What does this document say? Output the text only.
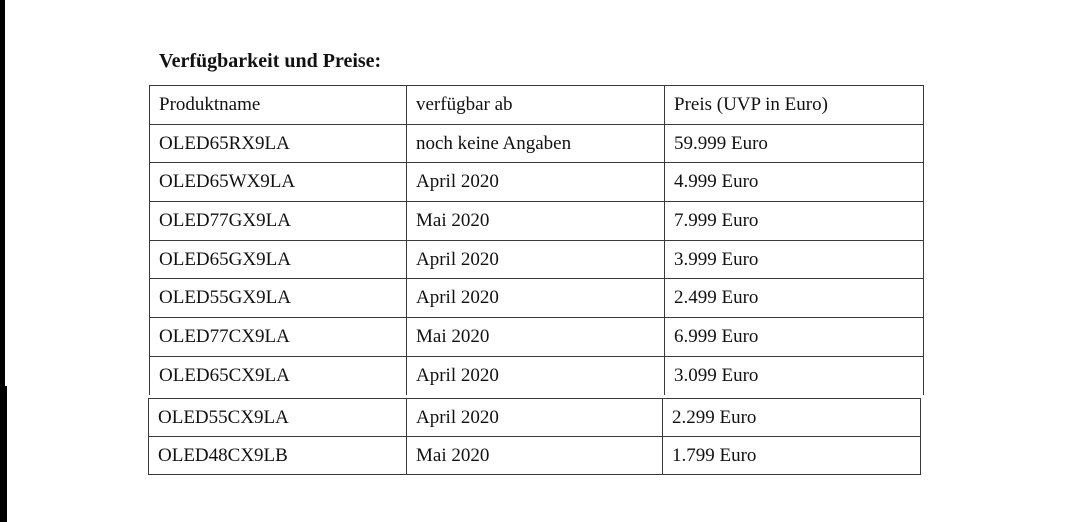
Verfügbarkeit und Preise:
Produktname	verfügbar ab	Preis (UVP in Euro)
OLED65RX9LA	noch keine Angaben	59.999 Euro
OLED65WX9LA	April 2020	4.999 Euro
OLED77GX9LA	Mai 2020	7.999 Euro
OLED65GX9LA	April 2020	3.999 Euro
OLED55GX9LA	April 2020	2.499 Euro
OLED77CX9LA	Mai 2020	6.999 Euro
OLED65CX9LA	April 2020	3.099 Euro
OLED55CX9LA	April 2020	2.299 Euro
OLED48CX9LB	Mai 2020	1.799 Euro
